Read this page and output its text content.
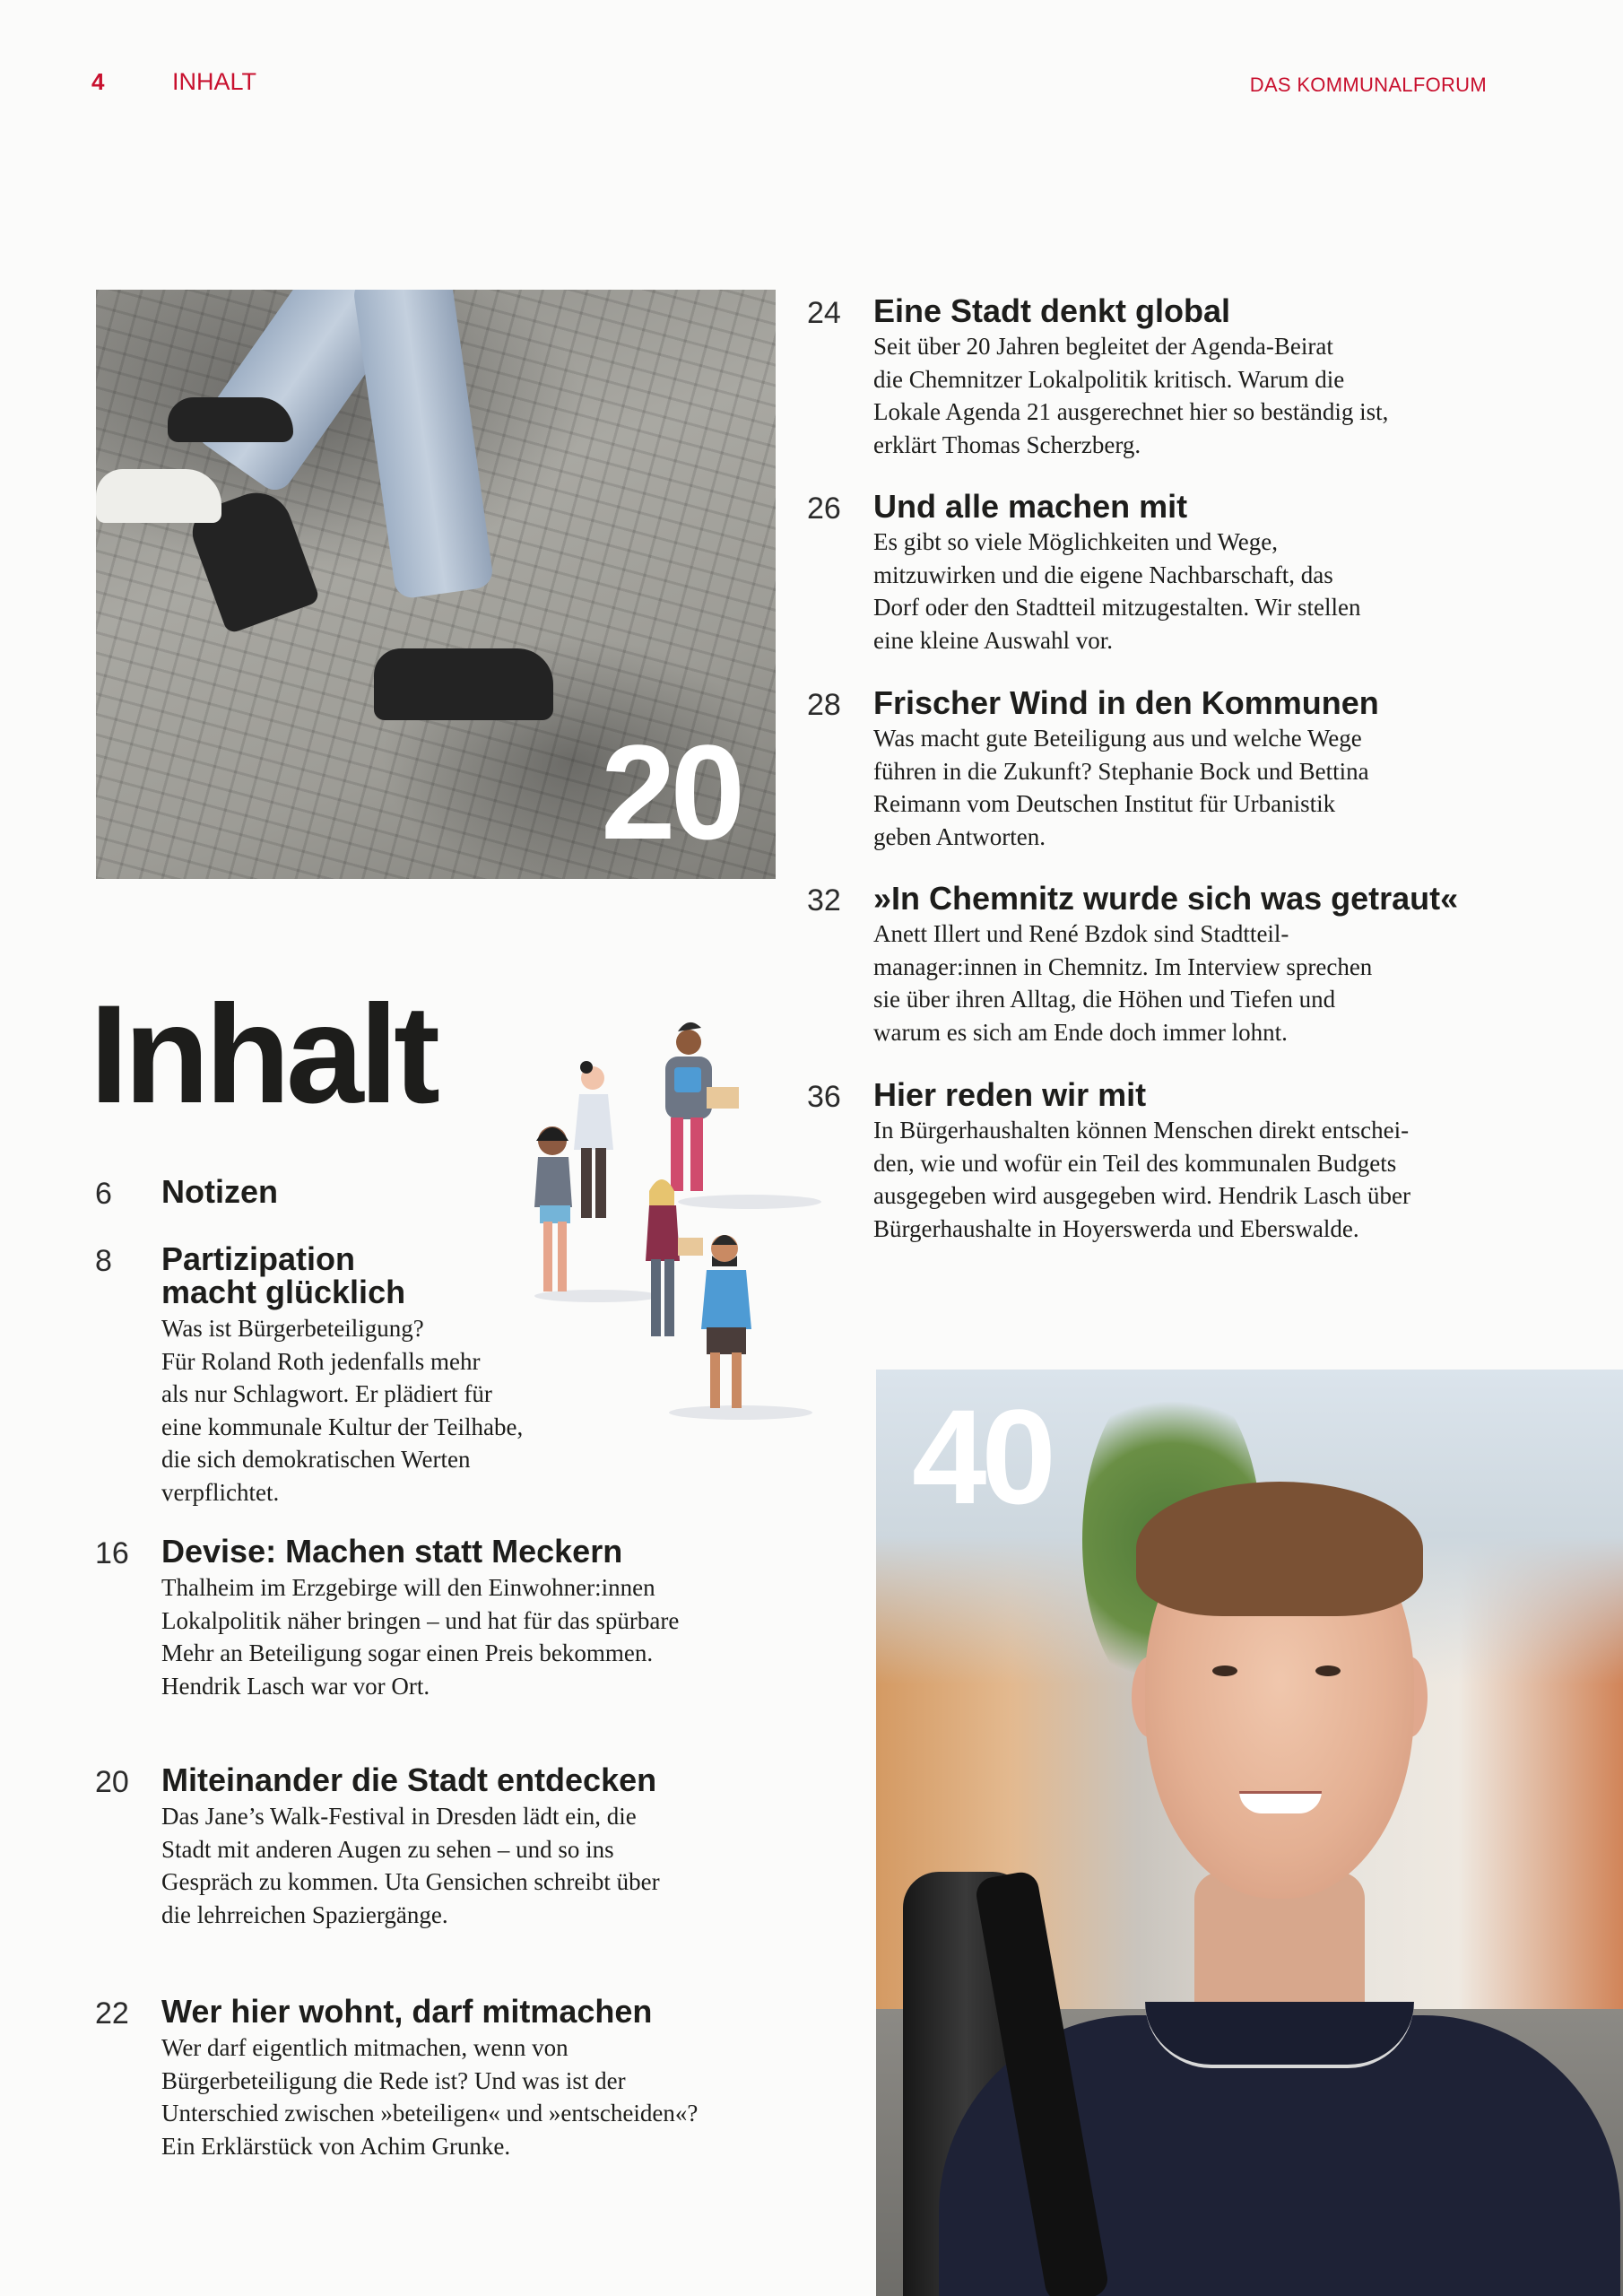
4	INHALT	DAS KOMMUNALFORUM
20
Inhalt
6 Notizen
8 Partizipation
macht glücklich
Was ist Bürgerbeteiligung?
Für Roland Roth jedenfalls mehr
als nur Schlagwort. Er plädiert für
eine kommunale Kultur der Teilhabe,
die sich demokratischen Werten
verpflichtet.
16 Devise: Machen statt Meckern
Thalheim im Erzgebirge will den Einwohner:innen
Lokalpolitik näher bringen – und hat für das spürbare
Mehr an Beteiligung sogar einen Preis bekommen.
Hendrik Lasch war vor Ort.
20 Miteinander die Stadt entdecken
Das Jane’s Walk-Festival in Dresden lädt ein, die
Stadt mit anderen Augen zu sehen – und so ins
Gespräch zu kommen. Uta Gensichen schreibt über
die lehrreichen Spaziergänge.
22 Wer hier wohnt, darf mitmachen
Wer darf eigentlich mitmachen, wenn von
Bürgerbeteiligung die Rede ist? Und was ist der
Unterschied zwischen »beteiligen« und »entscheiden«?
Ein Erklärstück von Achim Grunke.
24 Eine Stadt denkt global
Seit über 20 Jahren begleitet der Agenda-Beirat
die Chemnitzer Lokalpolitik kritisch. Warum die
Lokale Agenda 21 ausgerechnet hier so beständig ist,
erklärt Thomas Scherzberg.
26 Und alle machen mit
Es gibt so viele Möglichkeiten und Wege,
mitzuwirken und die eigene Nachbarschaft, das
Dorf oder den Stadtteil mitzugestalten. Wir stellen
eine kleine Auswahl vor.
28 Frischer Wind in den Kommunen
Was macht gute Beteiligung aus und welche Wege
führen in die Zukunft? Stephanie Bock und Bettina
Reimann vom Deutschen Institut für Urbanistik
geben Antworten.
32 »In Chemnitz wurde sich was getraut«
Anett Illert und René Bzdok sind Stadtteil-
manager:innen in Chemnitz. Im Interview sprechen
sie über ihren Alltag, die Höhen und Tiefen und
warum es sich am Ende doch immer lohnt.
36 Hier reden wir mit
In Bürgerhaushalten können Menschen direkt entschei-
den, wie und wofür ein Teil des kommunalen Budgets
ausgegeben wird ausgegeben wird. Hendrik Lasch über
Bürgerhaushalte in Hoyerswerda und Eberswalde.
40
